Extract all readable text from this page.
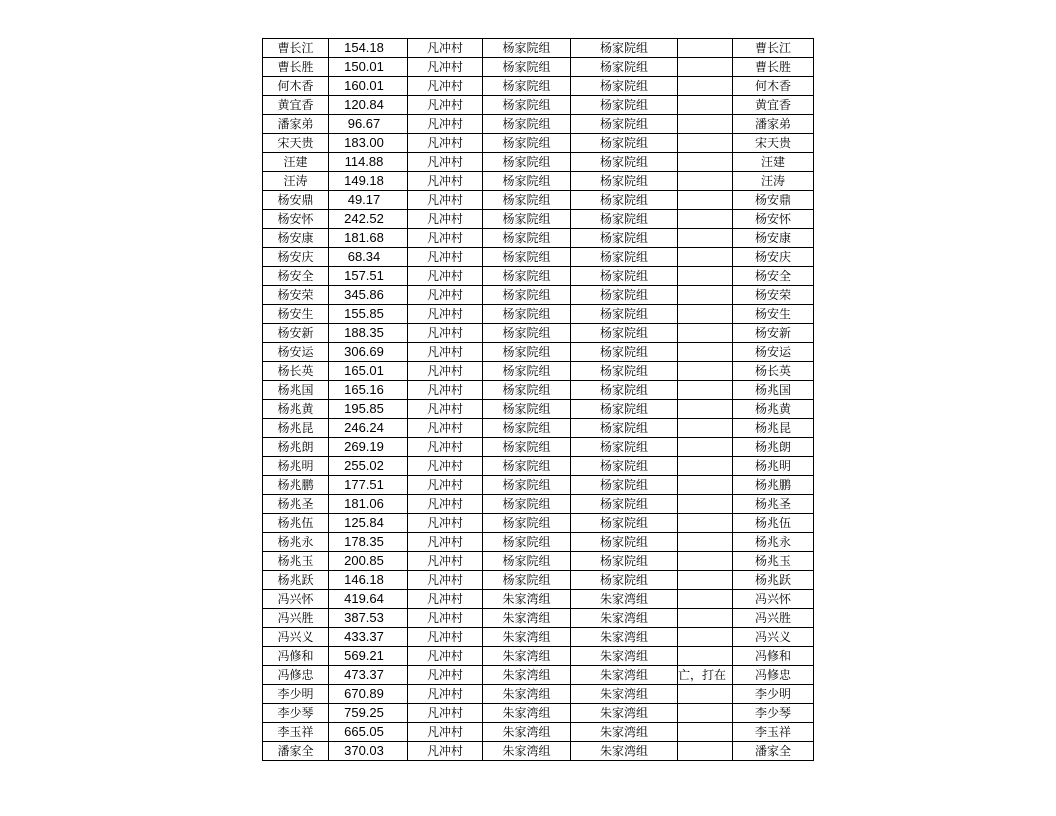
曹长江	154.18	凡冲村	杨家院组	杨家院组		曹长江
曹长胜	150.01	凡冲村	杨家院组	杨家院组		曹长胜
何木香	160.01	凡冲村	杨家院组	杨家院组		何木香
黄宜香	120.84	凡冲村	杨家院组	杨家院组		黄宜香
潘家弟	96.67	凡冲村	杨家院组	杨家院组		潘家弟
宋天贵	183.00	凡冲村	杨家院组	杨家院组		宋天贵
汪建	114.88	凡冲村	杨家院组	杨家院组		汪建
汪涛	149.18	凡冲村	杨家院组	杨家院组		汪涛
杨安鼎	49.17	凡冲村	杨家院组	杨家院组		杨安鼎
杨安怀	242.52	凡冲村	杨家院组	杨家院组		杨安怀
杨安康	181.68	凡冲村	杨家院组	杨家院组		杨安康
杨安庆	68.34	凡冲村	杨家院组	杨家院组		杨安庆
杨安全	157.51	凡冲村	杨家院组	杨家院组		杨安全
杨安荣	345.86	凡冲村	杨家院组	杨家院组		杨安荣
杨安生	155.85	凡冲村	杨家院组	杨家院组		杨安生
杨安新	188.35	凡冲村	杨家院组	杨家院组		杨安新
杨安运	306.69	凡冲村	杨家院组	杨家院组		杨安运
杨长英	165.01	凡冲村	杨家院组	杨家院组		杨长英
杨兆国	165.16	凡冲村	杨家院组	杨家院组		杨兆国
杨兆黄	195.85	凡冲村	杨家院组	杨家院组		杨兆黄
杨兆昆	246.24	凡冲村	杨家院组	杨家院组		杨兆昆
杨兆朗	269.19	凡冲村	杨家院组	杨家院组		杨兆朗
杨兆明	255.02	凡冲村	杨家院组	杨家院组		杨兆明
杨兆鹏	177.51	凡冲村	杨家院组	杨家院组		杨兆鹏
杨兆圣	181.06	凡冲村	杨家院组	杨家院组		杨兆圣
杨兆伍	125.84	凡冲村	杨家院组	杨家院组		杨兆伍
杨兆永	178.35	凡冲村	杨家院组	杨家院组		杨兆永
杨兆玉	200.85	凡冲村	杨家院组	杨家院组		杨兆玉
杨兆跃	146.18	凡冲村	杨家院组	杨家院组		杨兆跃
冯兴怀	419.64	凡冲村	朱家湾组	朱家湾组		冯兴怀
冯兴胜	387.53	凡冲村	朱家湾组	朱家湾组		冯兴胜
冯兴义	433.37	凡冲村	朱家湾组	朱家湾组		冯兴义
冯修和	569.21	凡冲村	朱家湾组	朱家湾组		冯修和
冯修忠	473.37	凡冲村	朱家湾组	朱家湾组	亡，打在	冯修忠
李少明	670.89	凡冲村	朱家湾组	朱家湾组		李少明
李少琴	759.25	凡冲村	朱家湾组	朱家湾组		李少琴
李玉祥	665.05	凡冲村	朱家湾组	朱家湾组		李玉祥
潘家全	370.03	凡冲村	朱家湾组	朱家湾组		潘家全
